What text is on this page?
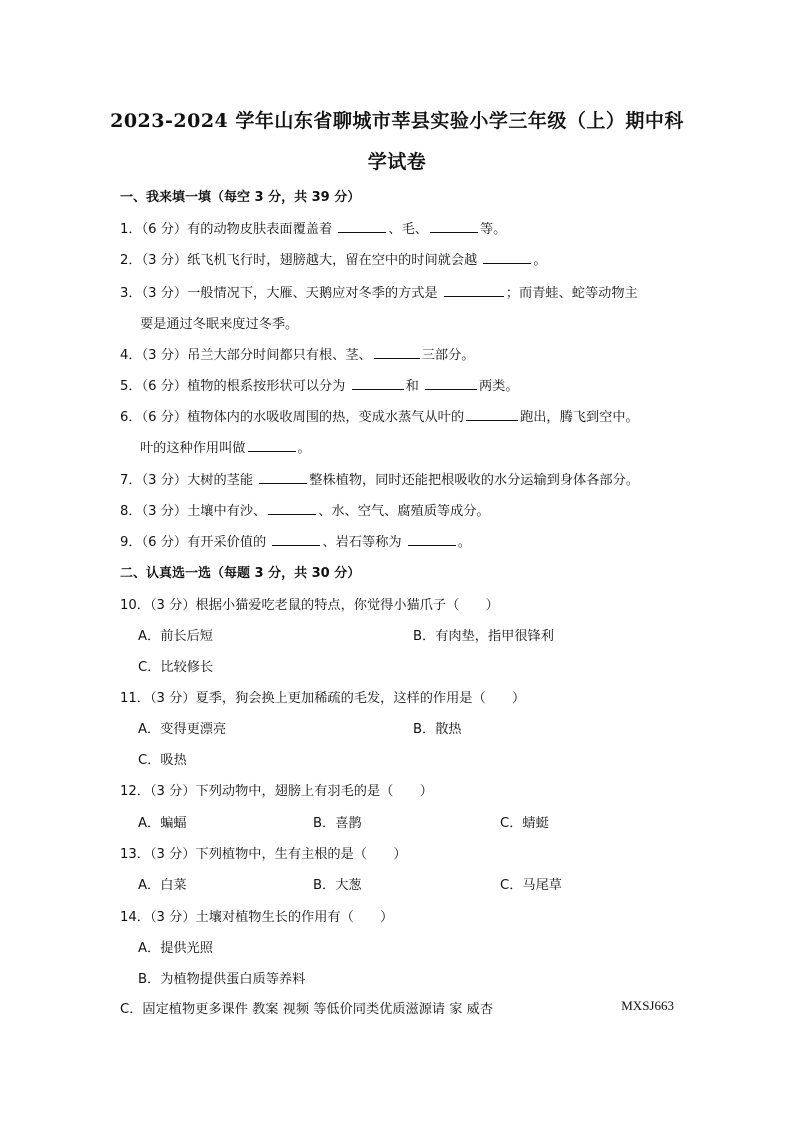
2023-2024 学年山东省聊城市莘县实验小学三年级（上）期中科
学试卷
一、我来填一填（每空 3 分，共 39 分）
1．（6 分）有的动物皮肤表面覆盖着	、毛、	等。
2．（3 分）纸飞机飞行时，翅膀越大，留在空中的时间就会越	。
3．（3 分）一般情况下，大雁、天鹅应对冬季的方式是	；而青蛙、蛇等动物主
要是通过冬眠来度过冬季。
4．（3 分）吊兰大部分时间都只有根、茎、	三部分。
5．（6 分）植物的根系按形状可以分为	和	两类。
6．（6 分）植物体内的水吸收周围的热，变成水蒸气从叶的	跑出，腾飞到空中。
叶的这种作用叫做	。
7．（3 分）大树的茎能	整株植物，同时还能把根吸收的水分运输到身体各部分。
8．（3 分）土壤中有沙、	、水、空气、腐殖质等成分。
9．（6 分）有开采价值的	、岩石等称为	。
二、认真选一选（每题 3 分，共 30 分）
10．（3 分）根据小猫爱吃老鼠的特点，你觉得小猫爪子（　　）
A．前长后短	B．有肉垫，指甲很锋利
C．比较修长
11．（3 分）夏季，狗会换上更加稀疏的毛发，这样的作用是（　　）
A．变得更漂亮	B．散热
C．吸热
12．（3 分）下列动物中，翅膀上有羽毛的是（　　）
A．蝙蝠	B．喜鹊	C．蜻蜓
13．（3 分）下列植物中，生有主根的是（　　）
A．白菜	B．大葱	C．马尾草
14．（3 分）土壤对植物生长的作用有（　　）
A．提供光照
B．为植物提供蛋白质等养料
C．固定植物更多课件 教案 视频 等低价同类优质滋源请 家 威杏	MXSJ663
